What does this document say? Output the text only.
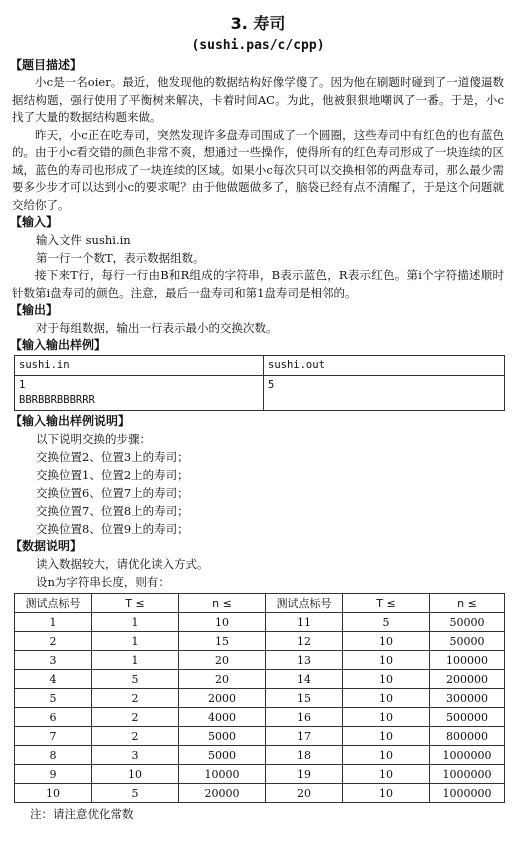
3. 寿司
(sushi.pas/c/cpp)
【题目描述】

小c是一名oier。最近，他发现他的数据结构好像学傻了。因为他在刷题时碰到了一道傻逼数据结构题，强行使用了平衡树来解决，卡着时间AC。为此，他被狠狠地嘲讽了一番。于是，小c找了大量的数据结构题来做。

昨天，小c正在吃寿司，突然发现许多盘寿司围成了一个圆圈，这些寿司中有红色的也有蓝色的。由于小c看交错的颜色非常不爽，想通过一些操作，使得所有的红色寿司形成了一块连续的区域，蓝色的寿司也形成了一块连续的区域。如果小c每次只可以交换相邻的两盘寿司，那么最少需要多少步才可以达到小c的要求呢？由于他做题做多了，脑袋已经有点不清醒了，于是这个问题就交给你了。

【输入】
输入文件 sushi.in
第一行一个数T，表示数据组数。

接下来T行，每行一行由B和R组成的字符串，B表示蓝色，R表示红色。第i个字符描述顺时针数第i盘寿司的颜色。注意，最后一盘寿司和第1盘寿司是相邻的。

【输出】
对于每组数据，输出一行表示最小的交换次数。
【输入输出样例】
sushi.in	sushi.out

1
BBRBBRBBBRRR	5
【输入输出样例说明】
以下说明交换的步骤：
交换位置2、位置3上的寿司；
交换位置1、位置2上的寿司；
交换位置6、位置7上的寿司；
交换位置7、位置8上的寿司；
交换位置8、位置9上的寿司；
【数据说明】
读入数据较大，请优化读入方式。
设n为字符串长度，则有：
测试点标号	T ≤	n ≤	测试点标号	T ≤	n ≤
1	1	10	11	5	50000
2	1	15	12	10	50000
3	1	20	13	10	100000
4	5	20	14	10	200000
5	2	2000	15	10	300000
6	2	4000	16	10	500000
7	2	5000	17	10	800000
8	3	5000	18	10	1000000
9	10	10000	19	10	1000000
10	5	20000	20	10	1000000
注：请注意优化常数
